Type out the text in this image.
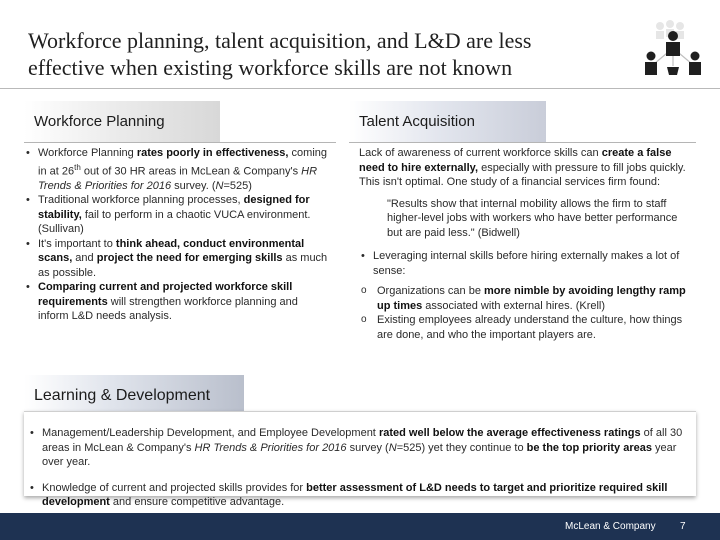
Workforce planning, talent acquisition, and L&D are less
effective when existing workforce skills are not known
Workforce Planning

• Workforce Planning rates poorly in effectiveness, coming in at 26th out of 30 HR areas in McLean & Company's HR Trends & Priorities for 2016 survey. (N=525)

• Traditional workforce planning processes, designed for stability, fail to perform in a chaotic VUCA environment. (Sullivan)

• It's important to think ahead, conduct environmental scans, and project the need for emerging skills as much as possible.

• Comparing current and projected workforce skill requirements will strengthen workforce planning and inform L&D needs analysis.

Talent Acquisition

Lack of awareness of current workforce skills can create a false need to hire externally, especially with pressure to fill jobs quickly. This isn't optimal. One study of a financial services firm found:

"Results show that internal mobility allows the firm to staff higher-level jobs with workers who have better performance but are paid less." (Bidwell)

• Leveraging internal skills before hiring externally makes a lot of sense:

o Organizations can be more nimble by avoiding lengthy ramp up times associated with external hires. (Krell)

o Existing employees already understand the culture, how things are done, and who the important players are.

Learning & Development

• Management/Leadership Development, and Employee Development rated well below the average effectiveness ratings of all 30 areas in McLean & Company's HR Trends & Priorities for 2016 survey (N=525) yet they continue to be the top priority areas year over year.

• Knowledge of current and projected skills provides for better assessment of L&D needs to target and prioritize required skill development and ensure competitive advantage.

McLean & Company 7
